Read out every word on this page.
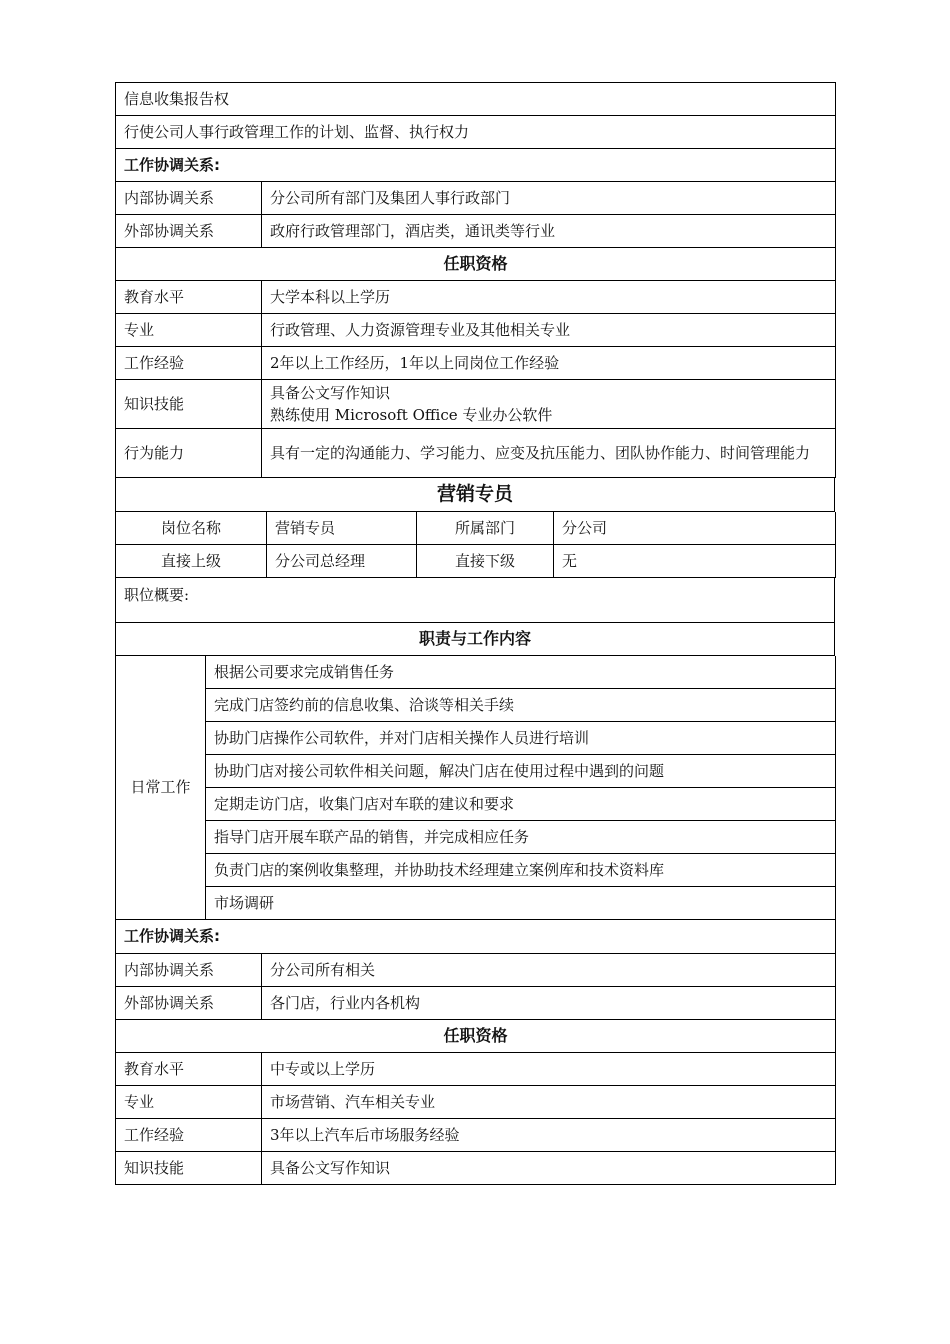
信息收集报告权	
行使公司人事行政管理工作的计划、监督、执行权力	
工作协调关系:	
内部协调关系	分公司所有部门及集团人事行政部门
外部协调关系	政府行政管理部门，酒店类，通讯类等行业
任职资格	
教育水平	大学本科以上学历
专业	行政管理、人力资源管理专业及其他相关专业
工作经验	2年以上工作经历，1年以上同岗位工作经验
知识技能	具备公文写作知识
熟练使用 Microsoft Office 专业办公软件

行为能力	具有一定的沟通能力、学习能力、应变及抗压能力、团队协作能力、时间管理能力
营销专员
岗位名称	营销专员	所属部门	分公司
直接上级	分公司总经理	直接下级	无
职位概要:
职责与工作内容
日常工作	根据公司要求完成销售任务
完成门店签约前的信息收集、洽谈等相关手续
协助门店操作公司软件，并对门店相关操作人员进行培训
协助门店对接公司软件相关问题，解决门店在使用过程中遇到的问题
定期走访门店，收集门店对车联的建议和要求
指导门店开展车联产品的销售，并完成相应任务
负责门店的案例收集整理，并协助技术经理建立案例库和技术资料库
市场调研
工作协调关系:	
内部协调关系	分公司所有相关
外部协调关系	各门店，行业内各机构
任职资格	
教育水平	中专或以上学历
专业	市场营销、汽车相关专业
工作经验	3年以上汽车后市场服务经验
知识技能	具备公文写作知识
